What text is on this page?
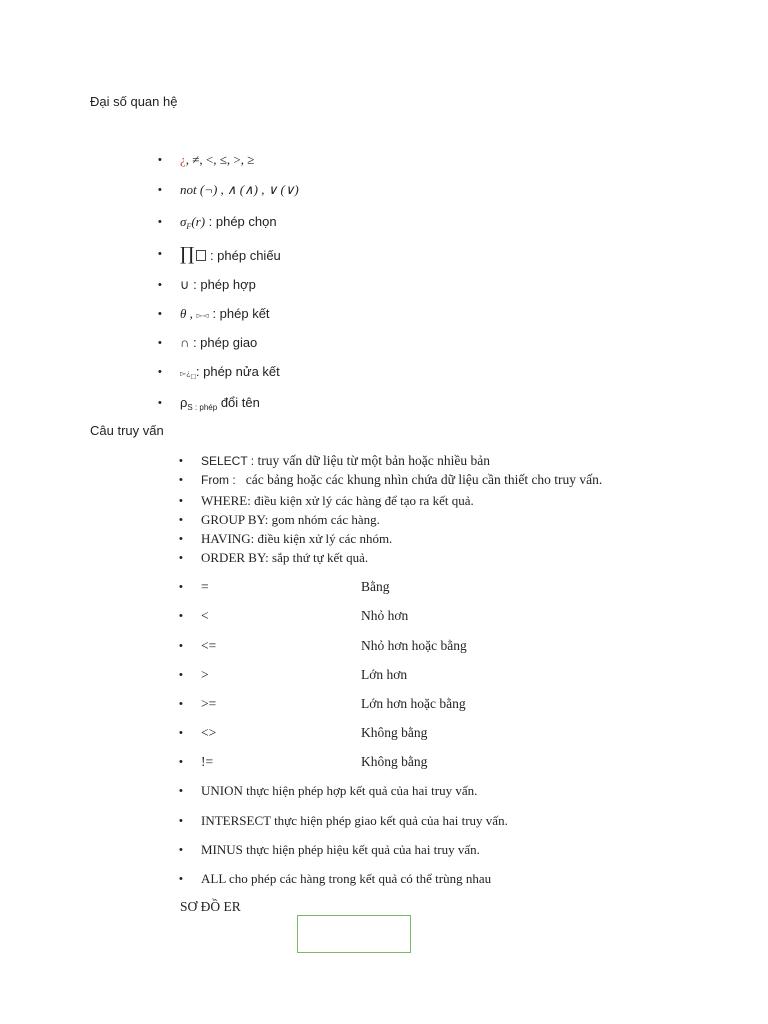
Đại số quan hệ
• ¿, ≠, <, ≤, >, ≥
• not (¬) , ∧ (∧) , ∨ (∨)
• $\sigma_F(r)$ : phép chọn
• ∏ : phép chiếu
• ∪ : phép hợp
• θ , ▻◅ : phép kết
• ∩ : phép giao
• $▻¿_□$: phép nửa kết
• $\rho_{S : phép}$ đổi tên
Câu truy vấn
• SELECT : truy vấn dữ liệu từ một bản hoặc nhiều bản
• From :   các bảng hoặc các khung nhìn chứa dữ liệu cần thiết cho truy vấn.
• WHERE: điều kiện xử lý các hàng để tạo ra kết quả.
• GROUP BY: gom nhóm các hàng.
• HAVING: điều kiện xử lý các nhóm.
• ORDER BY: sắp thứ tự kết quả.
• =	Bằng
• <	Nhỏ hơn
• <=	Nhỏ hơn hoặc bằng
• >	Lớn hơn
• >=	Lớn hơn hoặc bằng
• <>	Không bằng
• !=	Không bằng
• UNION thực hiện phép hợp kết quả của hai truy vấn.
• INTERSECT thực hiện phép giao kết quả của hai truy vấn.
• MINUS thực hiện phép hiệu kết quả của hai truy vấn.
• ALL cho phép các hàng trong kết quả có thể trùng nhau
SƠ ĐỒ ER
